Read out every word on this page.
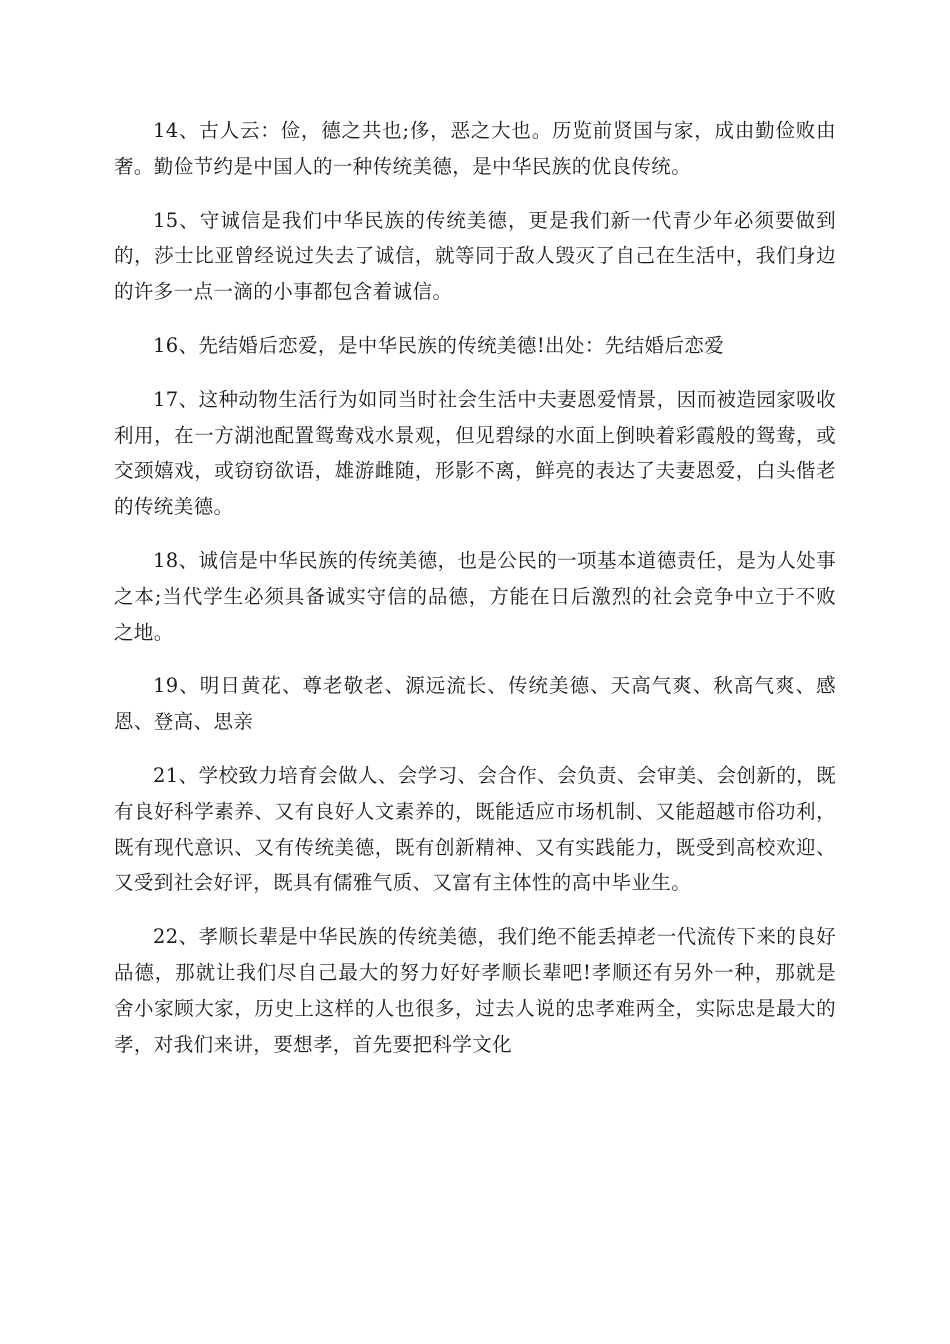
14、古人云：俭，德之共也;侈，恶之大也。历览前贤国与家，成由勤俭败由奢。勤俭节约是中国人的一种传统美德，是中华民族的优良传统。

15、守诚信是我们中华民族的传统美德，更是我们新一代青少年必须要做到的，莎士比亚曾经说过失去了诚信，就等同于敌人毁灭了自己在生活中，我们身边的许多一点一滴的小事都包含着诚信。

16、先结婚后恋爱，是中华民族的传统美德!出处：先结婚后恋爱

17、这种动物生活行为如同当时社会生活中夫妻恩爱情景，因而被造园家吸收利用，在一方湖池配置鸳鸯戏水景观，但见碧绿的水面上倒映着彩霞般的鸳鸯，或交颈嬉戏，或窃窃欲语，雄游雌随，形影不离，鲜亮的表达了夫妻恩爱，白头偕老的传统美德。

18、诚信是中华民族的传统美德，也是公民的一项基本道德责任，是为人处事之本;当代学生必须具备诚实守信的品德，方能在日后激烈的社会竞争中立于不败之地。

19、明日黄花、尊老敬老、源远流长、传统美德、天高气爽、秋高气爽、感恩、登高、思亲

21、学校致力培育会做人、会学习、会合作、会负责、会审美、会创新的，既有良好科学素养、又有良好人文素养的，既能适应市场机制、又能超越市俗功利，既有现代意识、又有传统美德，既有创新精神、又有实践能力，既受到高校欢迎、又受到社会好评，既具有儒雅气质、又富有主体性的高中毕业生。

22、孝顺长辈是中华民族的传统美德，我们绝不能丢掉老一代流传下来的良好品德，那就让我们尽自己最大的努力好好孝顺长辈吧!孝顺还有另外一种，那就是舍小家顾大家，历史上这样的人也很多，过去人说的忠孝难两全，实际忠是最大的孝，对我们来讲，要想孝，首先要把科学文化
